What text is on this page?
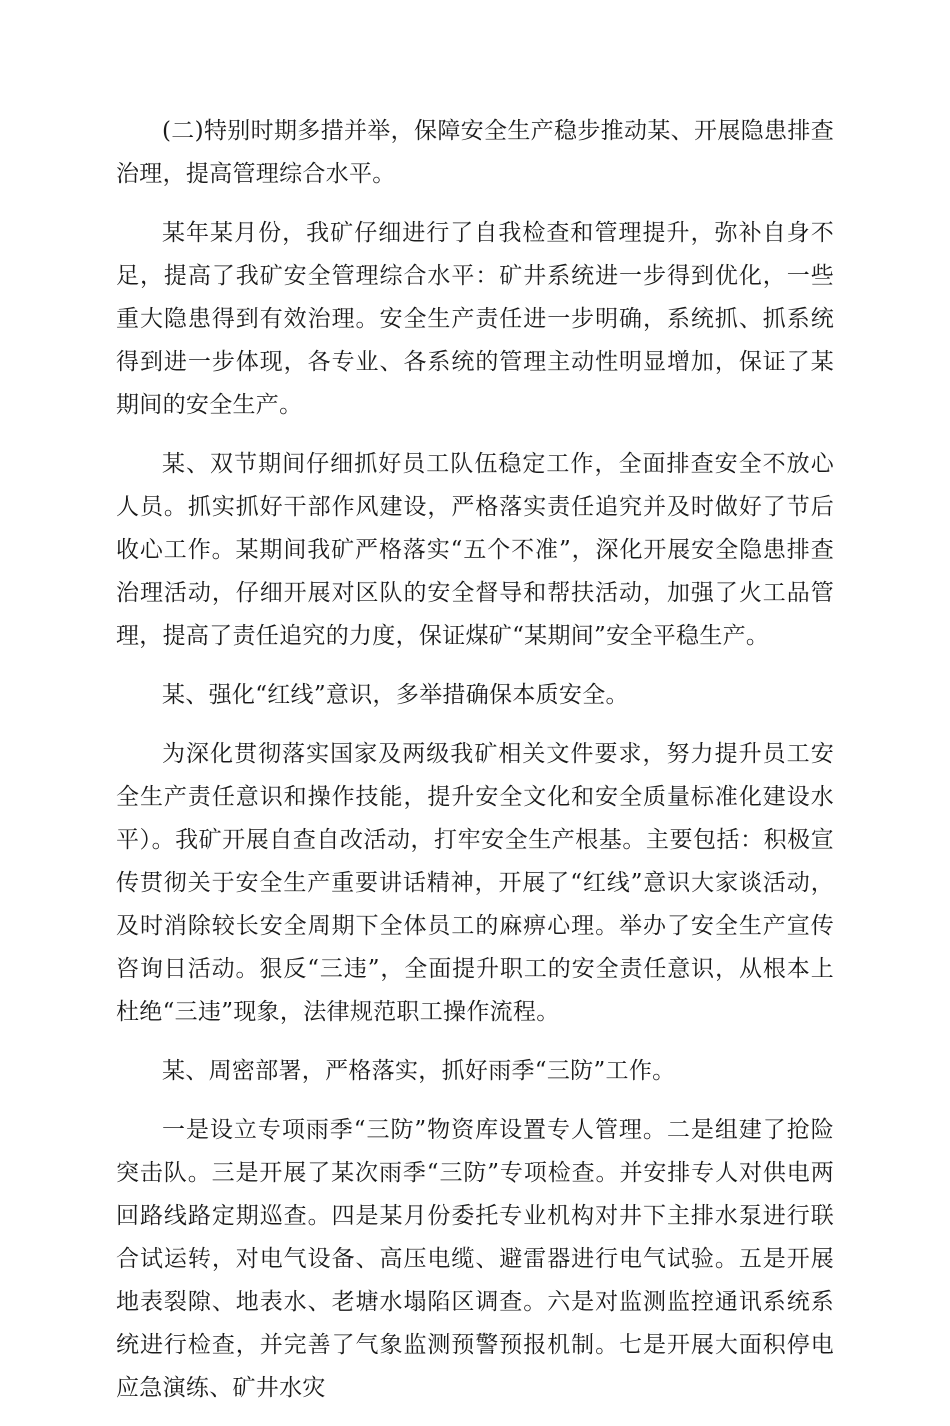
(二)特别时期多措并举，保障安全生产稳步推动某、开展隐患排查治理，提高管理综合水平。

某年某月份，我矿仔细进行了自我检查和管理提升，弥补自身不足，提高了我矿安全管理综合水平：矿井系统进一步得到优化，一些重大隐患得到有效治理。安全生产责任进一步明确，系统抓、抓系统得到进一步体现，各专业、各系统的管理主动性明显增加，保证了某期间的安全生产。

某、双节期间仔细抓好员工队伍稳定工作，全面排查安全不放心人员。抓实抓好干部作风建设，严格落实责任追究并及时做好了节后收心工作。某期间我矿严格落实“五个不准”，深化开展安全隐患排查治理活动，仔细开展对区队的安全督导和帮扶活动，加强了火工品管理，提高了责任追究的力度，保证煤矿“某期间”安全平稳生产。

某、强化“红线”意识，多举措确保本质安全。

为深化贯彻落实国家及两级我矿相关文件要求，努力提升员工安全生产责任意识和操作技能，提升安全文化和安全质量标准化建设水平）。我矿开展自查自改活动，打牢安全生产根基。主要包括：积极宣传贯彻关于安全生产重要讲话精神，开展了“红线”意识大家谈活动，及时消除较长安全周期下全体员工的麻痹心理。举办了安全生产宣传咨询日活动。狠反“三违”，全面提升职工的安全责任意识，从根本上杜绝“三违”现象，法律规范职工操作流程。

某、周密部署，严格落实，抓好雨季“三防”工作。

一是设立专项雨季“三防”物资库设置专人管理。二是组建了抢险突击队。三是开展了某次雨季“三防”专项检查。并安排专人对供电两回路线路定期巡查。四是某月份委托专业机构对井下主排水泵进行联合试运转，对电气设备、高压电缆、避雷器进行电气试验。五是开展地表裂隙、地表水、老塘水塌陷区调查。六是对监测监控通讯系统系统进行检查，并完善了气象监测预警预报机制。七是开展大面积停电应急演练、矿井水灾
